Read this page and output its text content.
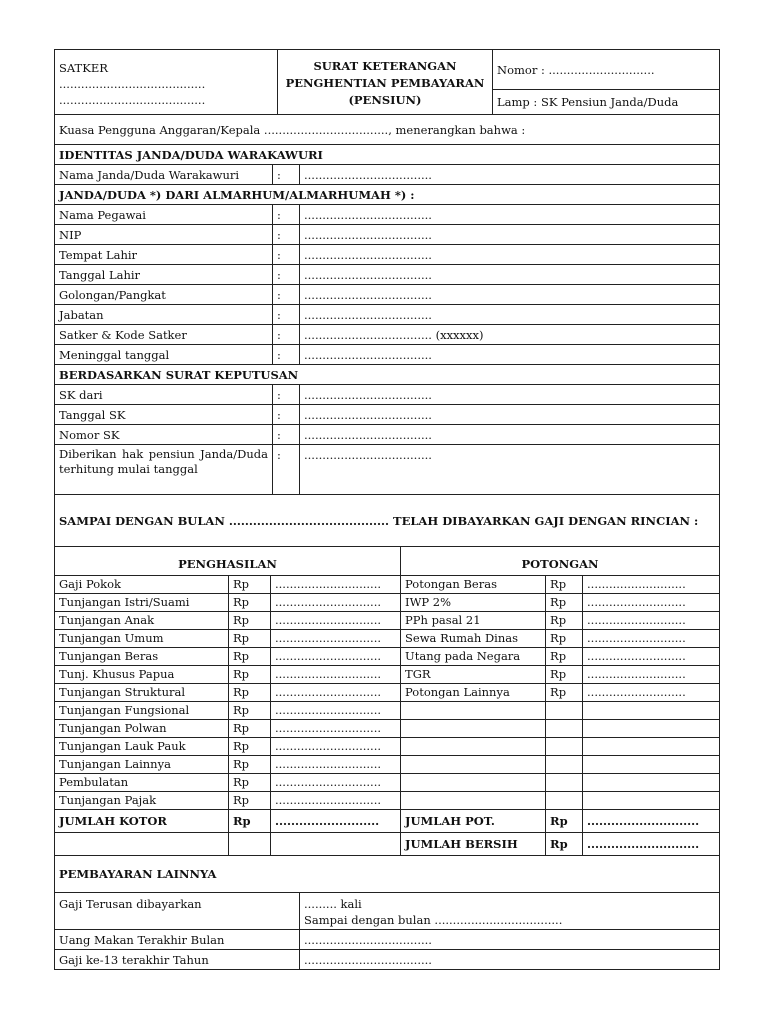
SATKER
........................................
........................................

SURAT KETERANGAN
PENGHENTIAN PEMBAYARAN
(PENSIUN)
	Nomor : .............................
Lamp : SK Pensiun Janda/Duda
Kuasa Pengguna Anggaran/Kepala .................................., menerangkan bahwa :		
IDENTITAS JANDA/DUDA WARAKAWURI		
Nama Janda/Duda Warakawuri	:	...................................
JANDA/DUDA *) DARI ALMARHUM/ALMARHUMAH *) :		
Nama Pegawai	:	...................................
NIP	:	...................................
Tempat Lahir	:	...................................
Tanggal Lahir	:	...................................
Golongan/Pangkat	:	...................................
Jabatan	:	...................................
Satker & Kode Satker	:	................................... (xxxxxx)
Meninggal tanggal	:	...................................
BERDASARKAN SURAT KEPUTUSAN		
SK dari	:	...................................
Tanggal SK	:	...................................
Nomor SK	:	...................................
Diberikan hak pensiun Janda/Duda terhitung mulai tanggal	:	...................................
SAMPAI DENGAN BULAN ........................................ TELAH DIBAYARKAN GAJI DENGAN RINCIAN :		
PENGHASILAN			POTONGAN		
Gaji Pokok	Rp	.............................	Potongan Beras	Rp	...........................
Tunjangan Istri/Suami	Rp	.............................	IWP 2%	Rp	...........................
Tunjangan Anak	Rp	.............................	PPh pasal 21	Rp	...........................
Tunjangan Umum	Rp	.............................	Sewa Rumah Dinas	Rp	...........................
Tunjangan Beras	Rp	.............................	Utang pada Negara	Rp	...........................
Tunj. Khusus Papua	Rp	.............................	TGR	Rp	...........................
Tunjangan Struktural	Rp	.............................	Potongan Lainnya	Rp	...........................
Tunjangan Fungsional	Rp	.............................			
Tunjangan Polwan	Rp	.............................			
Tunjangan Lauk Pauk	Rp	.............................			
Tunjangan Lainnya	Rp	.............................			
Pembulatan	Rp	.............................			
Tunjangan Pajak	Rp	.............................			
JUMLAH KOTOR	Rp	..........................	JUMLAH POT.	Rp	............................
			JUMLAH BERSIH	Rp	............................
PEMBAYARAN LAINNYA	
Gaji Terusan dibayarkan	......... kali
Sampai dengan bulan ...................................

Uang Makan Terakhir Bulan	...................................
Gaji ke-13 terakhir Tahun	...................................
